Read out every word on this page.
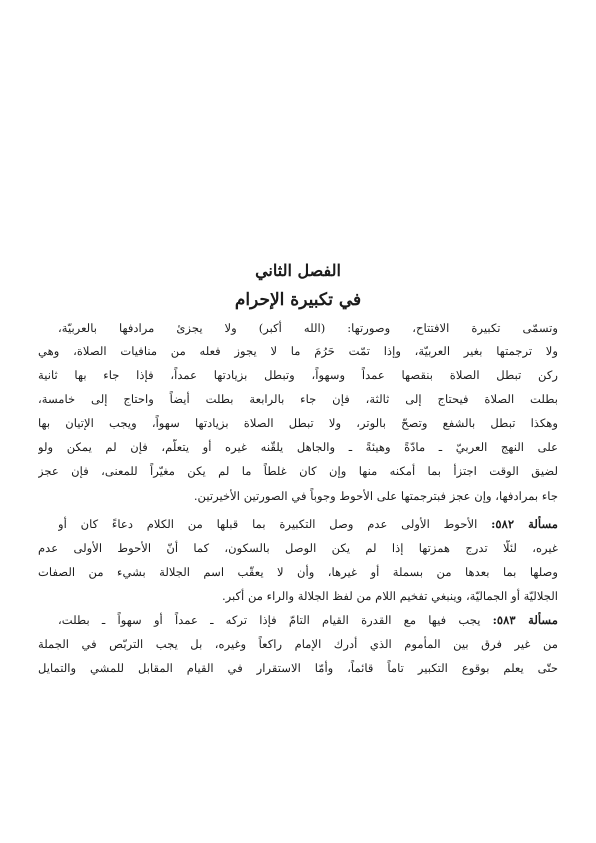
الفصل الثاني
في تكبيرة الإحرام
وتسمّى تكبيرة الافتتاح، وصورتها: (الله أكبر) ولا يجزئ مرادفها بالعربيّة،
ولا ترجمتها بغير العربيّة، وإذا تمّت حَرُمَ ما لا يجوز فعله من منافيات الصلاة، وهي
ركن تبطل الصلاة بنقصها عمداً وسهواً، وتبطل بزيادتها عمداً، فإذا جاء بها ثانية
بطلت الصلاة فيحتاج إلى ثالثة، فإن جاء بالرابعة بطلت أيضاً واحتاج إلى خامسة،
وهكذا تبطل بالشفع وتصحّ بالوتر، ولا تبطل الصلاة بزيادتها سهواً، ويجب الإتيان بها
على النهج العربيّ ـ مادّةً وهيئةً ـ والجاهل يلقّنه غيره أو يتعلّم، فإن لم يمكن ولو
لضيق الوقت اجتزأ بما أمكنه منها وإن كان غلطاً ما لم يكن مغيّراً للمعنى، فإن عجز
جاء بمرادفها، وإن عجز فبترجمتها على الأحوط وجوباً في الصورتين الأخيرتين.
مسألة ٥٨٢: الأحوط الأولى عدم وصل التكبيرة بما قبلها من الكلام دعاءً كان أو
غيره، لئلّا تدرج همزتها إذا لم يكن الوصل بالسكون، كما أنّ الأحوط الأولى عدم
وصلها بما بعدها من بسملة أو غيرها، وأن لا يعقّب اسم الجلالة بشيء من الصفات
الجلاليّة أو الجماليّة، وينبغي تفخيم اللام من لفظ الجلالة والراء من أكبر.
مسألة ٥٨٣: يجب فيها مع القدرة القيام التامّ فإذا تركه ـ عمداً أو سهواً ـ بطلت،
من غير فرق بين المأموم الذي أدرك الإمام راكعاً وغيره، بل يجب التربّص في الجملة
حتّى يعلم بوقوع التكبير تاماً قائماً، وأمّا الاستقرار في القيام المقابل للمشي والتمايل
